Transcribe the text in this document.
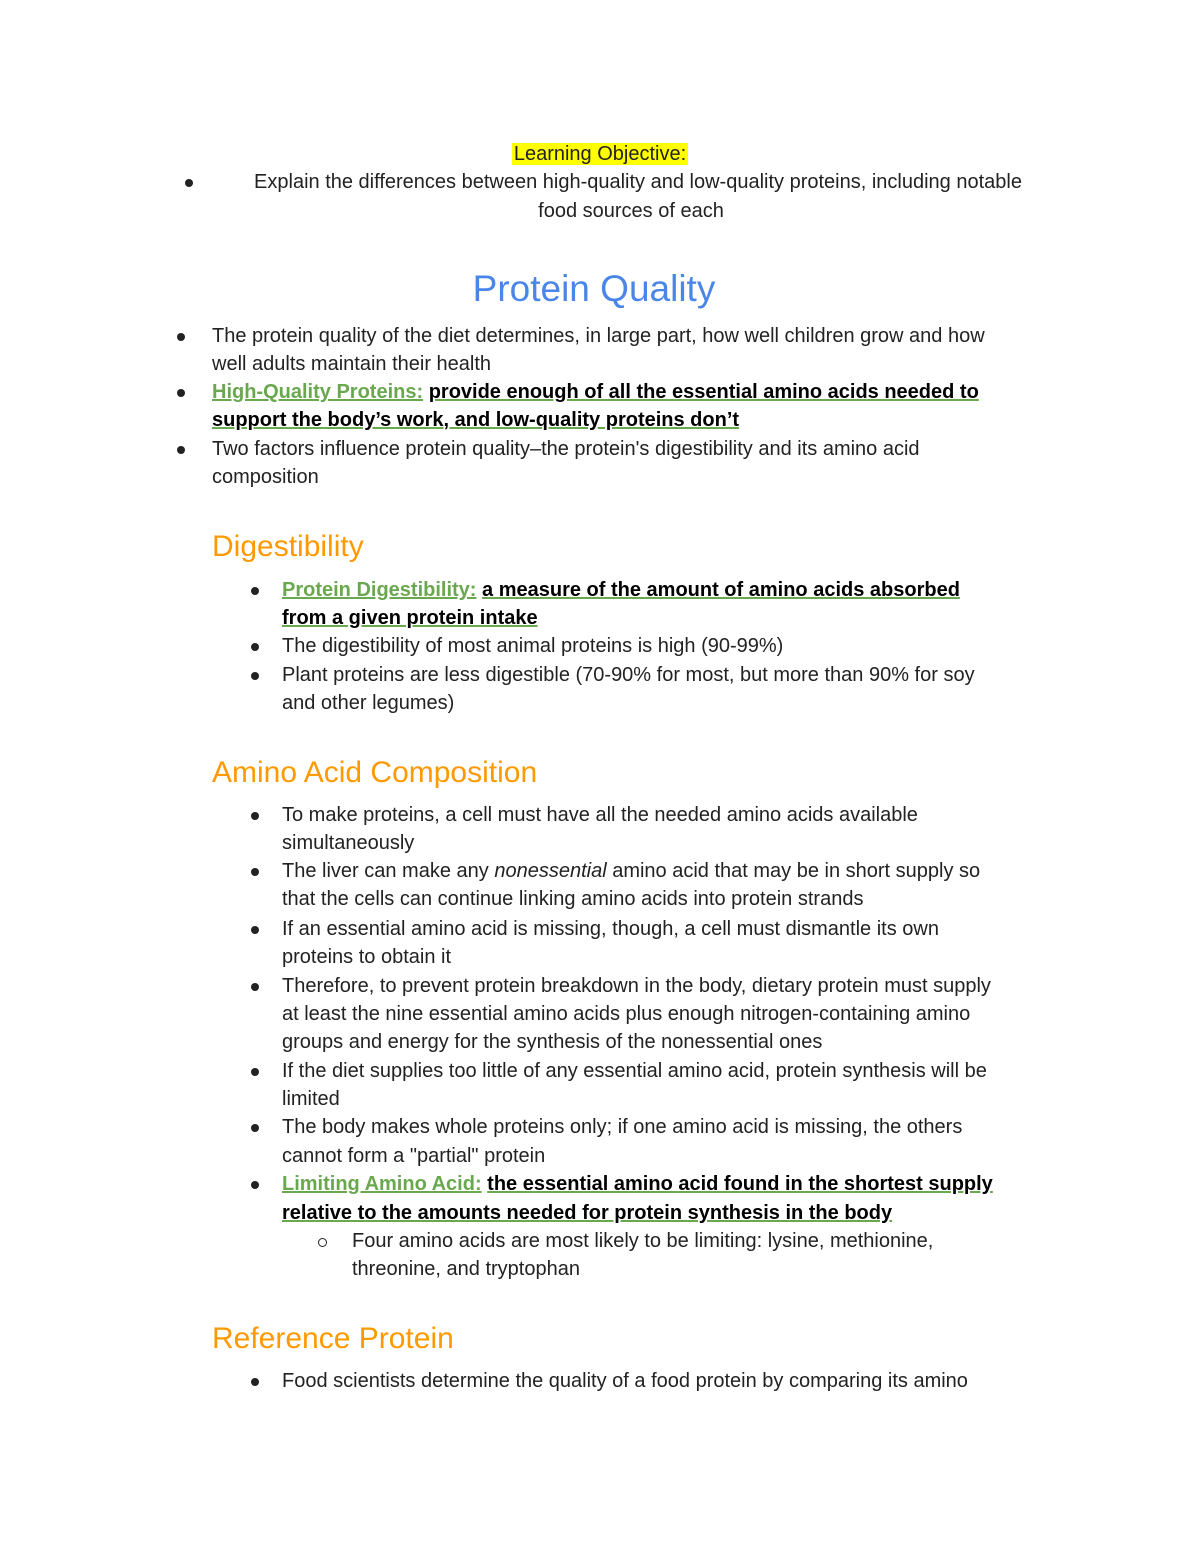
Learning Objective:
Explain the differences between high-quality and low-quality proteins, including notable
food sources of each
Protein Quality
The protein quality of the diet determines, in large part, how well children grow and how
well adults maintain their health
High-Quality Proteins: provide enough of all the essential amino acids needed to
support the body’s work, and low-quality proteins don’t
Two factors influence protein quality–the protein's digestibility and its amino acid
composition
Digestibility
Protein Digestibility: a measure of the amount of amino acids absorbed
from a given protein intake
The digestibility of most animal proteins is high (90-99%)
Plant proteins are less digestible (70-90% for most, but more than 90% for soy
and other legumes)
Amino Acid Composition
To make proteins, a cell must have all the needed amino acids available
simultaneously
The liver can make any nonessential amino acid that may be in short supply so
that the cells can continue linking amino acids into protein strands
If an essential amino acid is missing, though, a cell must dismantle its own
proteins to obtain it
Therefore, to prevent protein breakdown in the body, dietary protein must supply
at least the nine essential amino acids plus enough nitrogen-containing amino
groups and energy for the synthesis of the nonessential ones
If the diet supplies too little of any essential amino acid, protein synthesis will be
limited
The body makes whole proteins only; if one amino acid is missing, the others
cannot form a "partial" protein
Limiting Amino Acid: the essential amino acid found in the shortest supply
relative to the amounts needed for protein synthesis in the body
Four amino acids are most likely to be limiting: lysine, methionine,
threonine, and tryptophan
Reference Protein
Food scientists determine the quality of a food protein by comparing its amino
